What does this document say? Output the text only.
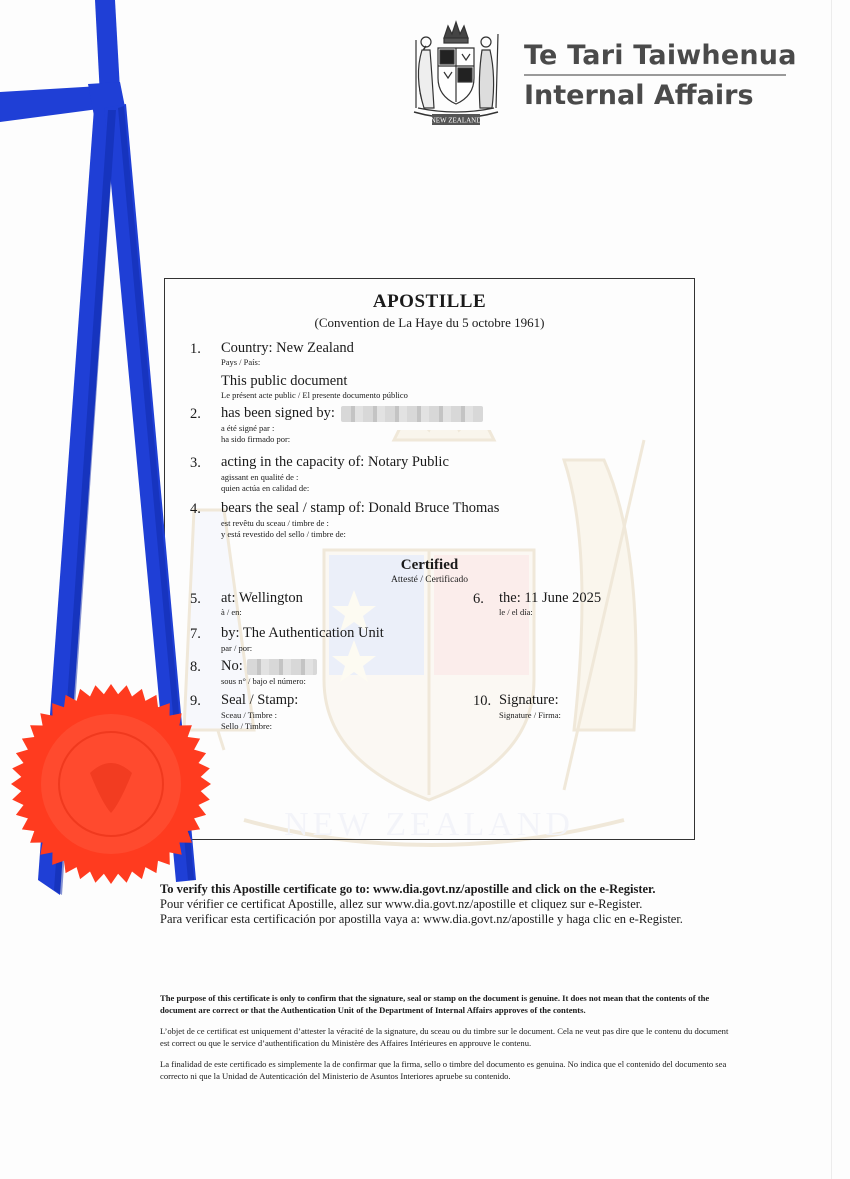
NEW ZEALAND
Te Tari Taiwhenua
Internal Affairs
NEW ZEALAND
APOSTILLE
(Convention de La Haye du 5 octobre 1961)
1. Country: New Zealand
Pays / País:
This public document
Le présent acte public / El presente documento público
2. has been signed by:
a été signé par :
ha sido firmado por:
3. acting in the capacity of: Notary Public
agissant en qualité de :
quien actúa en calidad de:
4. bears the seal / stamp of: Donald Bruce Thomas
est revêtu du sceau / timbre de :
y está revestido del sello / timbre de:
Certified
Attesté / Certificado
5. at: Wellington
à / en:
6. the: 11 June 2025
le / el día:
7. by: The Authentication Unit
par / por:
8. No:
sous n° / bajo el número:
9. Seal / Stamp:
Sceau / Timbre :
Sello / Timbre:
10. Signature:
Signature / Firma:
To verify this Apostille certificate go to: www.dia.govt.nz/apostille and click on the e-Register.
Pour vérifier ce certificat Apostille, allez sur www.dia.govt.nz/apostille et cliquez sur e-Register.
Para verificar esta certificación por apostilla vaya a: www.dia.govt.nz/apostille y haga clic en e-Register.

The purpose of this certificate is only to confirm that the signature, seal or stamp on the document is genuine. It does not mean that the contents of the document are correct or that the Authentication Unit of the Department of Internal Affairs approves of the contents.

L’objet de ce certificat est uniquement d’attester la véracité de la signature, du sceau ou du timbre sur le document. Cela ne veut pas dire que le contenu du document est correct ou que le service d’authentification du Ministère des Affaires Intérieures en approuve le contenu.

La finalidad de este certificado es simplemente la de confirmar que la firma, sello o timbre del documento es genuina. No indica que el contenido del documento sea correcto ni que la Unidad de Autenticación del Ministerio de Asuntos Interiores apruebe su contenido.
